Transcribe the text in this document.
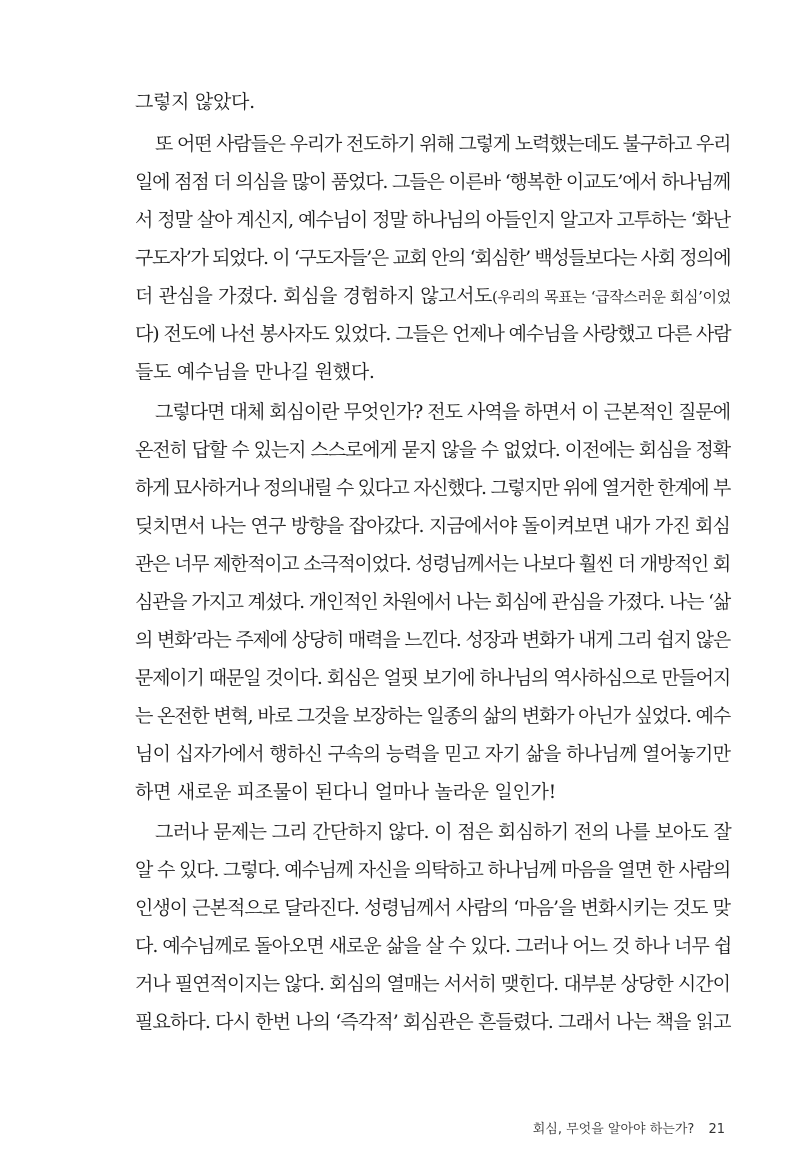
그렇지 않았다.
또 어떤 사람들은 우리가 전도하기 위해 그렇게 노력했는데도 불구하고 우리
일에 점점 더 의심을 많이 품었다. 그들은 이른바 ‘행복한 이교도’에서 하나님께
서 정말 살아 계신지, 예수님이 정말 하나님의 아들인지 알고자 고투하는 ‘화난
구도자’가 되었다. 이 ‘구도자들’은 교회 안의 ‘회심한’ 백성들보다는 사회 정의에
더 관심을 가졌다. 회심을 경험하지 않고서도(우리의 목표는 ‘급작스러운 회심’이었
다) 전도에 나선 봉사자도 있었다. 그들은 언제나 예수님을 사랑했고 다른 사람
들도 예수님을 만나길 원했다.
그렇다면 대체 회심이란 무엇인가? 전도 사역을 하면서 이 근본적인 질문에
온전히 답할 수 있는지 스스로에게 묻지 않을 수 없었다. 이전에는 회심을 정확
하게 묘사하거나 정의내릴 수 있다고 자신했다. 그렇지만 위에 열거한 한계에 부
딪치면서 나는 연구 방향을 잡아갔다. 지금에서야 돌이켜보면 내가 가진 회심
관은 너무 제한적이고 소극적이었다. 성령님께서는 나보다 훨씬 더 개방적인 회
심관을 가지고 계셨다. 개인적인 차원에서 나는 회심에 관심을 가졌다. 나는 ‘삶
의 변화’라는 주제에 상당히 매력을 느낀다. 성장과 변화가 내게 그리 쉽지 않은
문제이기 때문일 것이다. 회심은 얼핏 보기에 하나님의 역사하심으로 만들어지
는 온전한 변혁, 바로 그것을 보장하는 일종의 삶의 변화가 아닌가 싶었다. 예수
님이 십자가에서 행하신 구속의 능력을 믿고 자기 삶을 하나님께 열어놓기만
하면 새로운 피조물이 된다니 얼마나 놀라운 일인가!
그러나 문제는 그리 간단하지 않다. 이 점은 회심하기 전의 나를 보아도 잘
알 수 있다. 그렇다. 예수님께 자신을 의탁하고 하나님께 마음을 열면 한 사람의
인생이 근본적으로 달라진다. 성령님께서 사람의 ‘마음’을 변화시키는 것도 맞
다. 예수님께로 돌아오면 새로운 삶을 살 수 있다. 그러나 어느 것 하나 너무 쉽
거나 필연적이지는 않다. 회심의 열매는 서서히 맺힌다. 대부분 상당한 시간이
필요하다. 다시 한번 나의 ‘즉각적’ 회심관은 흔들렸다. 그래서 나는 책을 읽고
회심, 무엇을 알아야 하는가? 21
